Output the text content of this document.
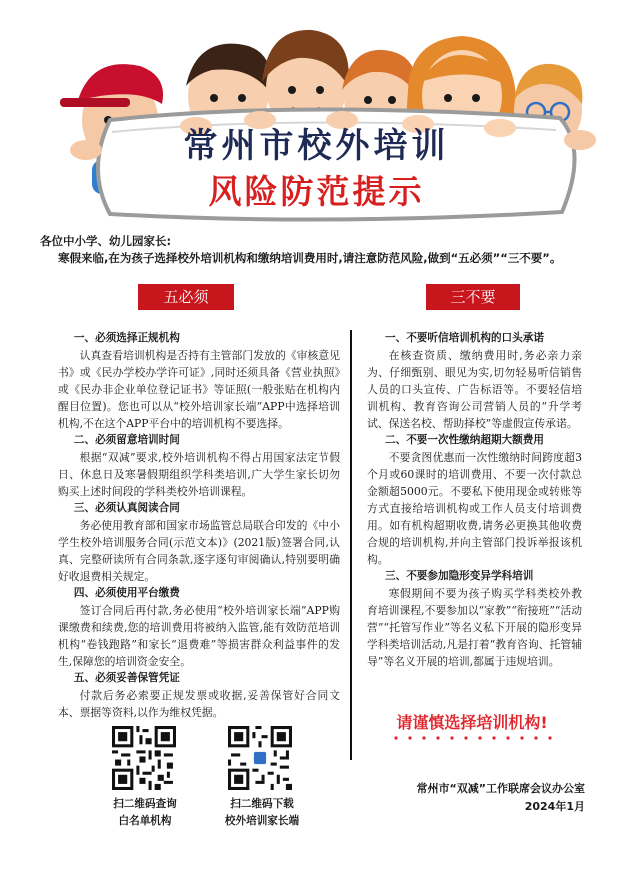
常州市校外培训
风险防范提示
各位中小学、幼儿园家长:
寒假来临,在为孩子选择校外培训机构和缴纳培训费用时,请注意防范风险,做到“五必须”“三不要”。
五必须	三不要
一、必须选择正规机构
认真查看培训机构是否持有主管部门发放的《审核意见书》或《民办学校办学许可证》,同时还须具备《营业执照》或《民办非企业单位登记证书》等证照(一般张贴在机构内醒目位置)。您也可以从“校外培训家长端”APP中选择培训机构,不在这个APP平台中的培训机构不要选择。
二、必须留意培训时间
根据“双减”要求,校外培训机构不得占用国家法定节假日、休息日及寒暑假期组织学科类培训,广大学生家长切勿购买上述时间段的学科类校外培训课程。
三、必须认真阅读合同
务必使用教育部和国家市场监管总局联合印发的《中小学生校外培训服务合同(示范文本)》(2021版)签署合同,认真、完整研读所有合同条款,逐字逐句审阅确认,特别要明确好收退费相关规定。
四、必须使用平台缴费
签订合同后再付款,务必使用“校外培训家长端”APP购课缴费和续费,您的培训费用将被纳入监管,能有效防范培训机构“卷钱跑路”和家长“退费难”等损害群众利益事件的发生,保障您的培训资金安全。
五、必须妥善保管凭证
付款后务必索要正规发票或收据,妥善保管好合同文本、票据等资料,以作为维权凭据。
一、不要听信培训机构的口头承诺
在核查资质、缴纳费用时,务必亲力亲为、仔细甄别、眼见为实,切勿轻易听信销售人员的口头宣传、广告标语等。不要轻信培训机构、教育咨询公司营销人员的“升学考试、保送名校、帮助择校”等虚假宣传承诺。
二、不要一次性缴纳超期大额费用
不要贪图优惠而一次性缴纳时间跨度超3个月或60课时的培训费用、不要一次付款总金额超5000元。不要私下使用现金或转账等方式直接给培训机构或工作人员支付培训费用。如有机构超期收费,请务必更换其他收费合规的培训机构,并向主管部门投诉举报该机构。
三、不要参加隐形变异学科培训
寒假期间不要为孩子购买学科类校外教育培训课程,不要参加以“家教”“衔接班”“活动营”“托管写作业”等名义私下开展的隐形变异学科类培训活动,凡是打着“教育咨询、托管辅导”等名义开展的培训,都属于违规培训。
请谨慎选择培训机构!
扫二维码查询
白名单机构
扫二维码下载
校外培训家长端
常州市“双减”工作联席会议办公室
2024年1月
